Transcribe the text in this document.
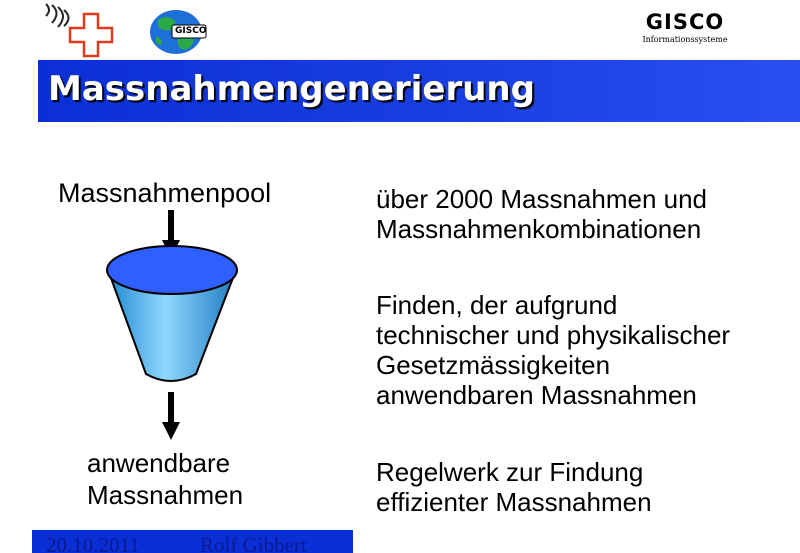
GISCO	GISCO
Informationssysteme
Massnahmengenerierung
Massnahmenpool
anwendbare
Massnahmen
über 2000 Massnahmen und
Massnahmenkombinationen
Finden, der aufgrund
technischer und physikalischer
Gesetzmässigkeiten
anwendbaren Massnahmen
Regelwerk zur Findung
effizienter Massnahmen
20.10.2011	Rolf Gibbert
